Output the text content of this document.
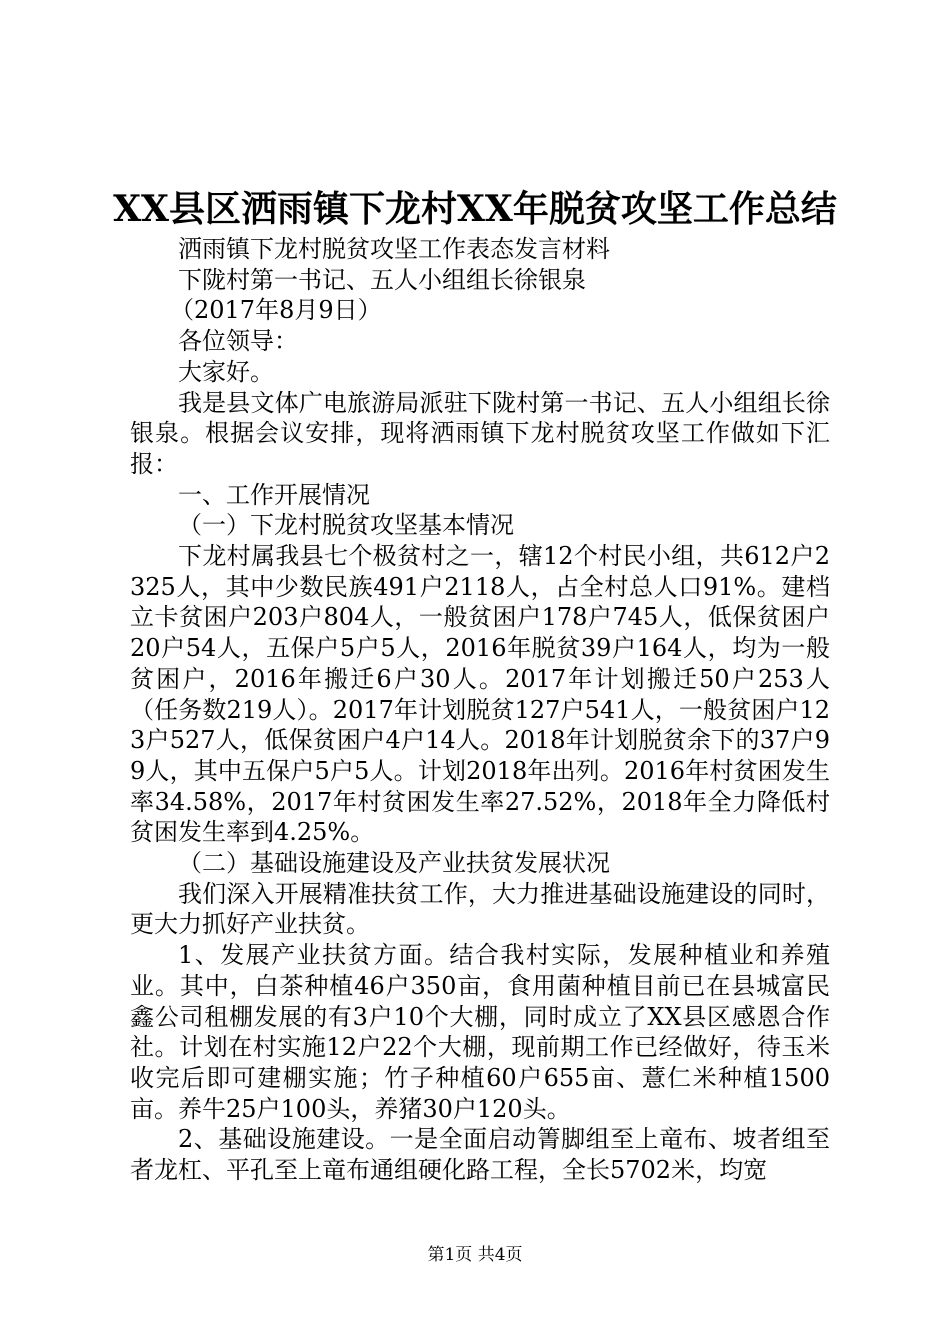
XX县区洒雨镇下龙村XX年脱贫攻坚工作总结

洒雨镇下龙村脱贫攻坚工作表态发言材料

下陇村第一书记、五人小组组长徐银泉

（2017年8月9日）

各位领导：

大家好。

我是县文体广电旅游局派驻下陇村第一书记、五人小组组长徐银泉。根据会议安排，现将洒雨镇下龙村脱贫攻坚工作做如下汇报：

一、工作开展情况

（一）下龙村脱贫攻坚基本情况

下龙村属我县七个极贫村之一，辖12个村民小组，共612户2325人，其中少数民族491户2118人，占全村总人口91%。建档立卡贫困户203户804人，一般贫困户178户745人，低保贫困户20户54人，五保户5户5人，2016年脱贫39户164人，均为一般贫困户，2016年搬迁6户30人。2017年计划搬迁50户253人（任务数219人）。2017年计划脱贫127户541人，一般贫困户123户527人，低保贫困户4户14人。2018年计划脱贫余下的37户99人，其中五保户5户5人。计划2018年出列。2016年村贫困发生率34.58%，2017年村贫困发生率27.52%，2018年全力降低村贫困发生率到4.25%。

（二）基础设施建设及产业扶贫发展状况

我们深入开展精准扶贫工作，大力推进基础设施建设的同时，更大力抓好产业扶贫。

1、发展产业扶贫方面。结合我村实际，发展种植业和养殖业。其中，白茶种植46户350亩，食用菌种植目前已在县城富民鑫公司租棚发展的有3户10个大棚，同时成立了XX县区感恩合作社。计划在村实施12户22个大棚，现前期工作已经做好，待玉米收完后即可建棚实施；竹子种植60户655亩、薏仁米种植1500亩。养牛25户100头，养猪30户120头。

2、基础设施建设。一是全面启动箐脚组至上竜布、坡者组至者龙杠、平孔至上竜布通组硬化路工程，全长5702米，均宽

第1页 共4页
